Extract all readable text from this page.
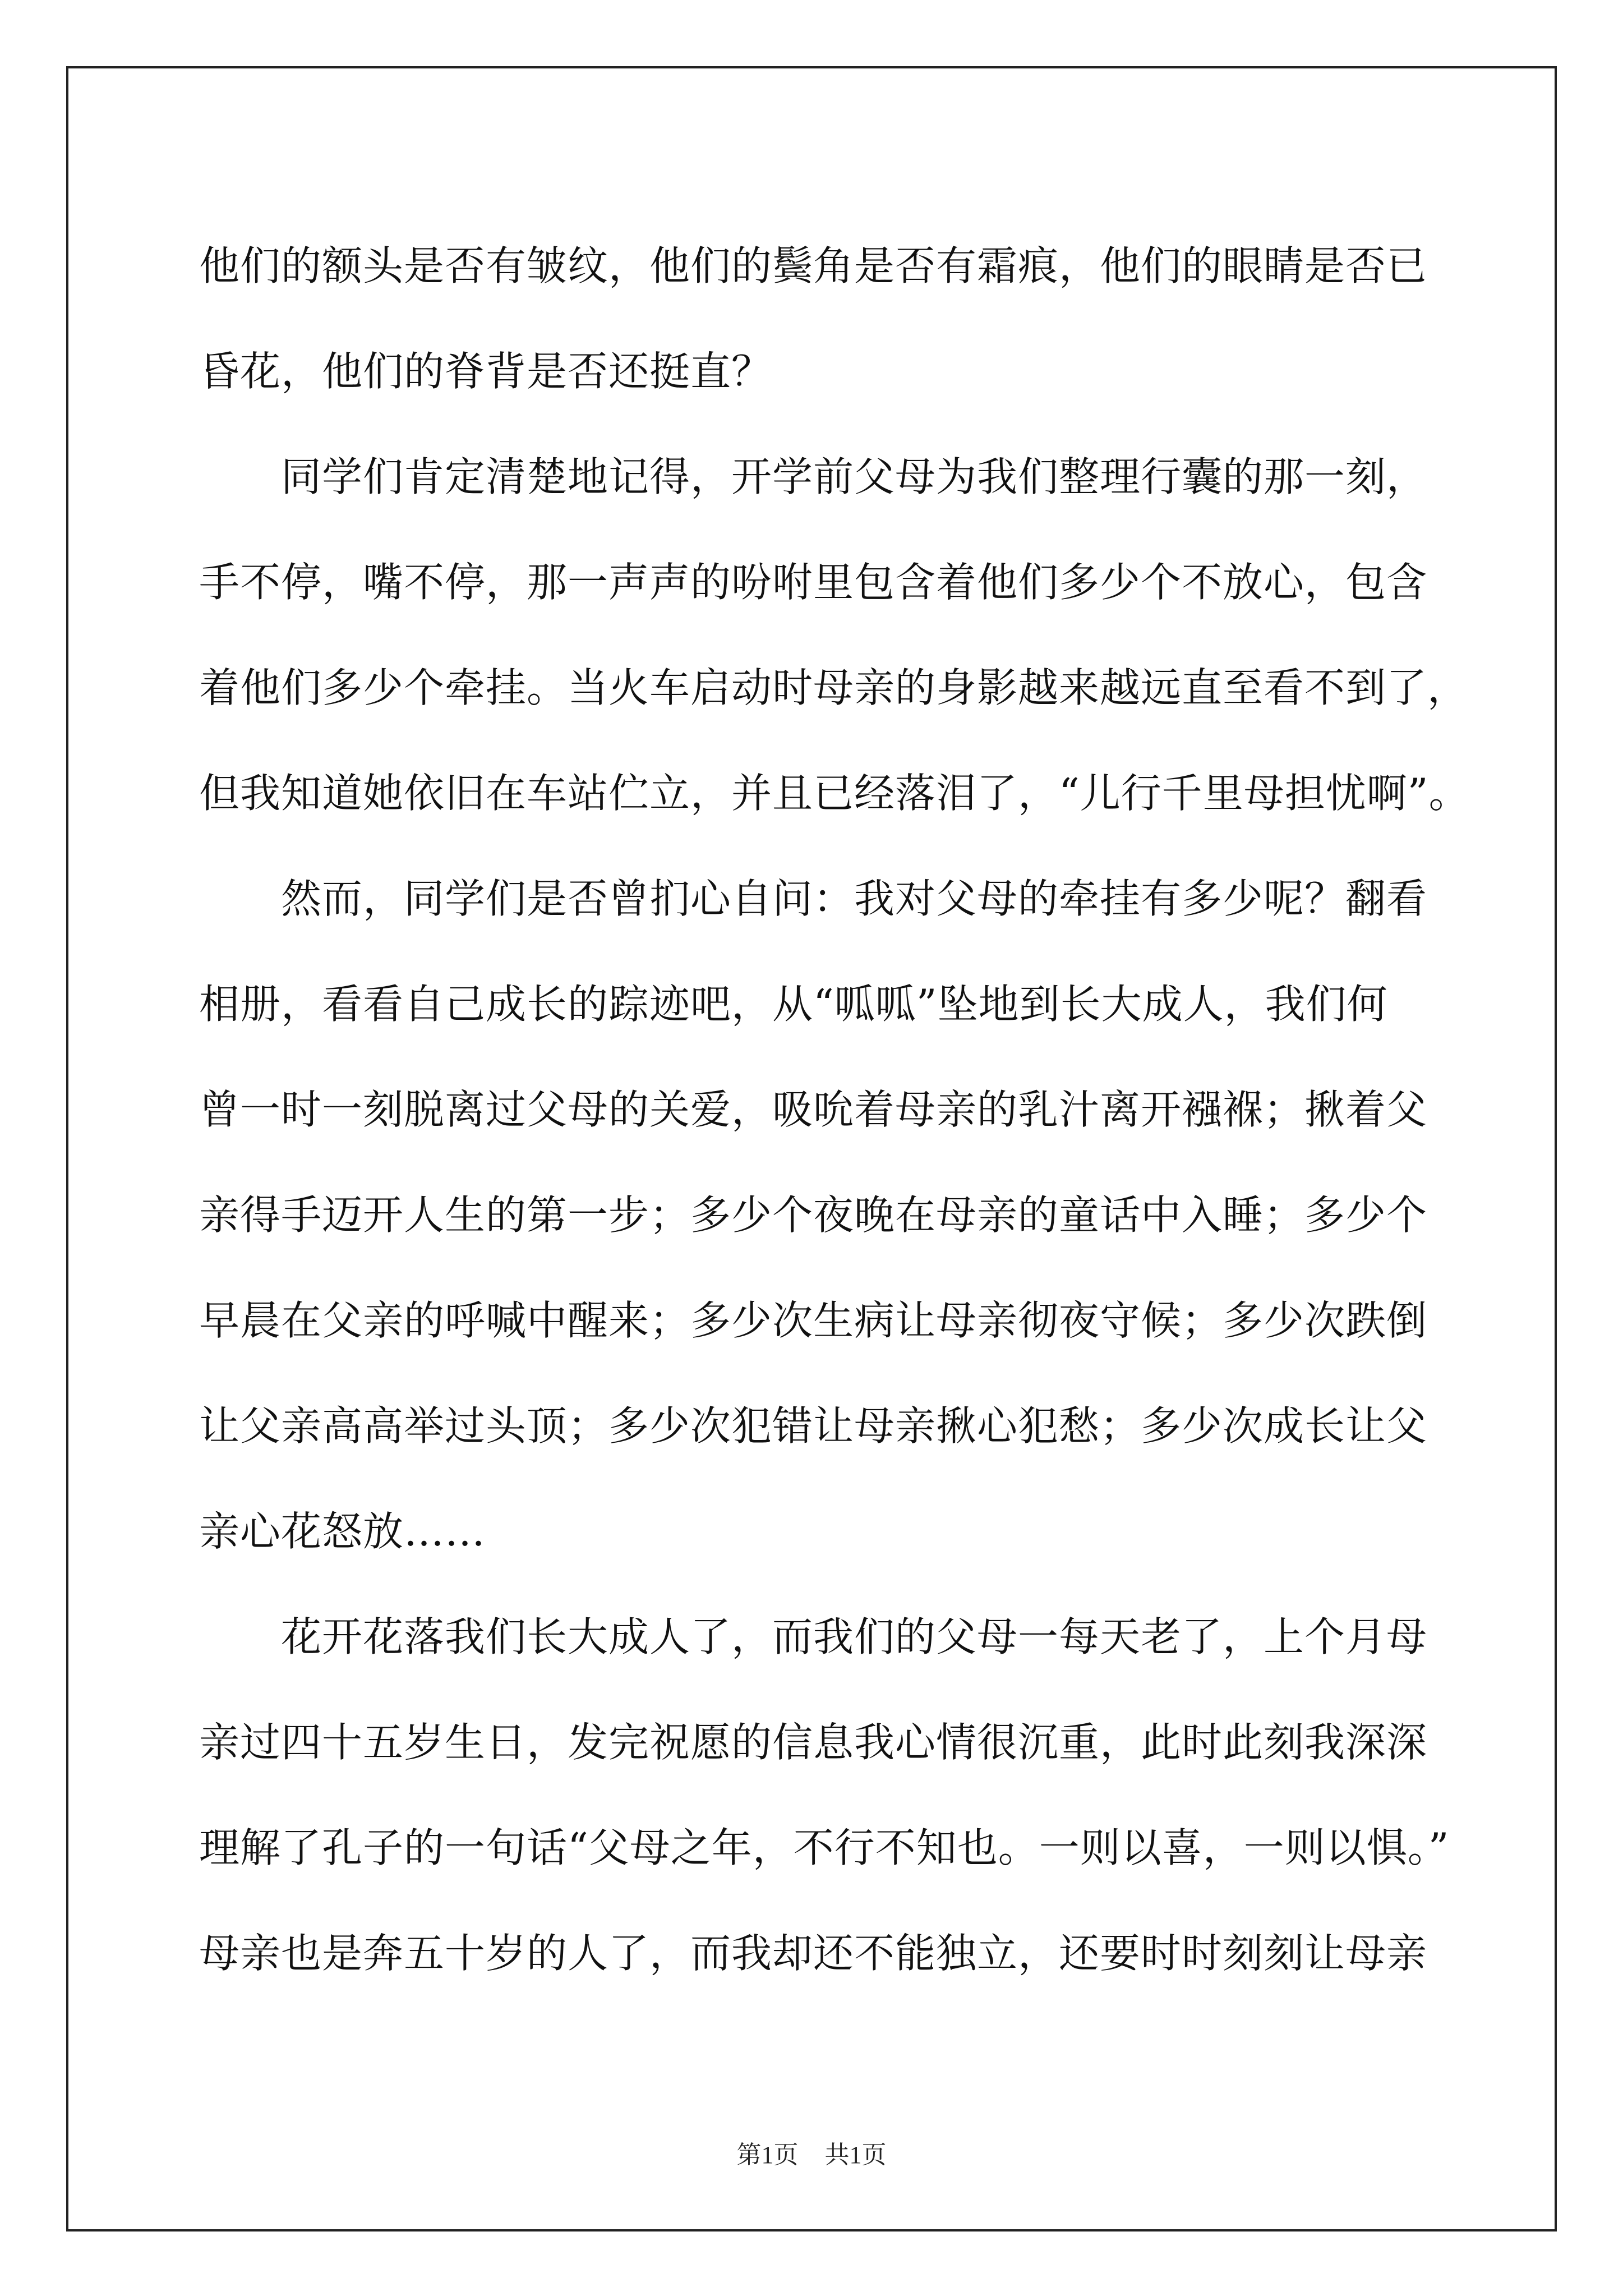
他们的额头是否有皱纹，他们的鬓角是否有霜痕，他们的眼睛是否已
昏花，他们的脊背是否还挺直？
同学们肯定清楚地记得，开学前父母为我们整理行囊的那一刻，
手不停，嘴不停，那一声声的吩咐里包含着他们多少个不放心，包含
着他们多少个牵挂。当火车启动时母亲的身影越来越远直至看不到了，
但我知道她依旧在车站伫立，并且已经落泪了，“儿行千里母担忧啊”。
然而，同学们是否曾扪心自问：我对父母的牵挂有多少呢？翻看
相册，看看自己成长的踪迹吧，从“呱呱”坠地到长大成人，我们何
曾一时一刻脱离过父母的关爱，吸吮着母亲的乳汁离开襁褓；揪着父
亲得手迈开人生的第一步；多少个夜晚在母亲的童话中入睡；多少个
早晨在父亲的呼喊中醒来；多少次生病让母亲彻夜守候；多少次跌倒
让父亲高高举过头顶；多少次犯错让母亲揪心犯愁；多少次成长让父
亲心花怒放……
花开花落我们长大成人了，而我们的父母一每天老了，上个月母
亲过四十五岁生日，发完祝愿的信息我心情很沉重，此时此刻我深深
理解了孔子的一句话“父母之年，不行不知也。一则以喜，一则以惧。”
母亲也是奔五十岁的人了，而我却还不能独立，还要时时刻刻让母亲
第1页 共1页
